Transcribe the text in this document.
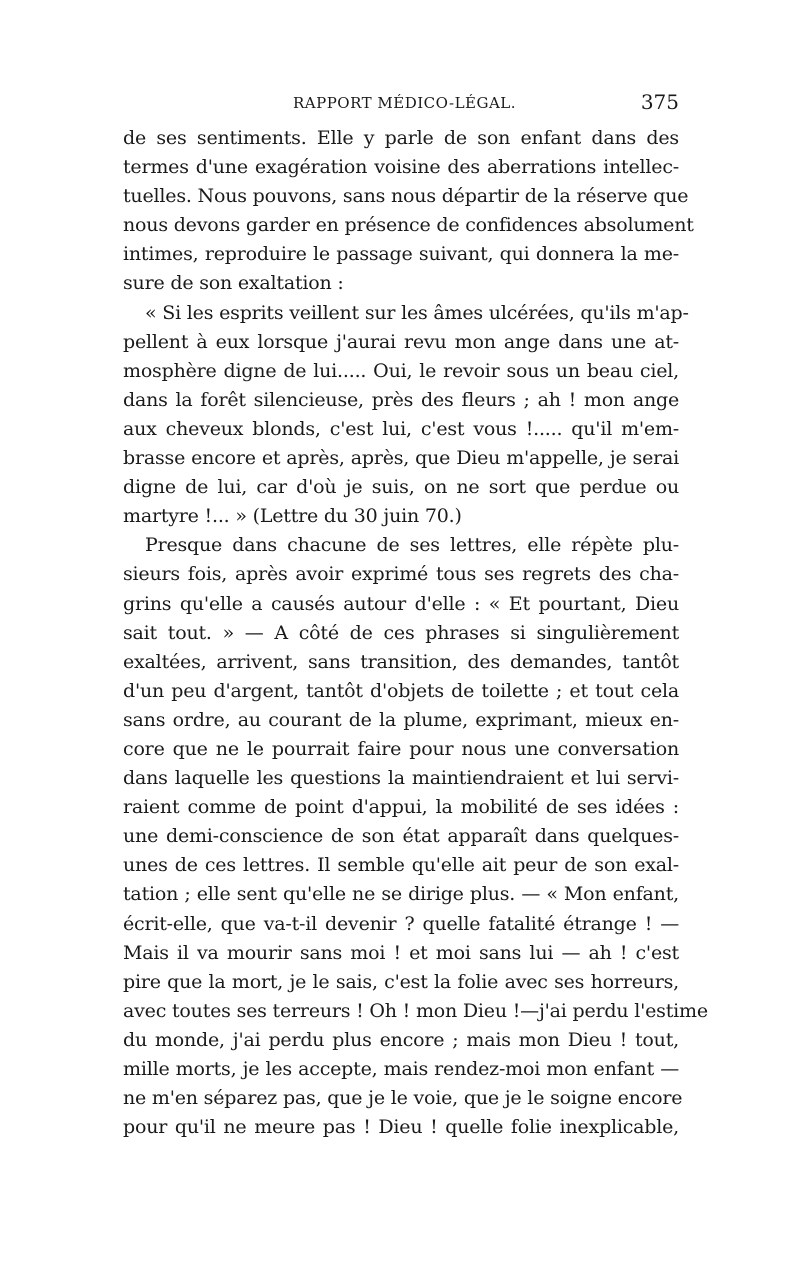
RAPPORT MÉDICO-LÉGAL.	375
de ses sentiments. Elle y parle de son enfant dans des
termes d'une exagération voisine des aberrations intellec-
tuelles. Nous pouvons, sans nous départir de la réserve que
nous devons garder en présence de confidences absolument
intimes, reproduire le passage suivant, qui donnera la me-
sure de son exaltation :
« Si les esprits veillent sur les âmes ulcérées, qu'ils m'ap-
pellent à eux lorsque j'aurai revu mon ange dans une at-
mosphère digne de lui..... Oui, le revoir sous un beau ciel,
dans la forêt silencieuse, près des fleurs ; ah ! mon ange
aux cheveux blonds, c'est lui, c'est vous !..... qu'il m'em-
brasse encore et après, après, que Dieu m'appelle, je serai
digne de lui, car d'où je suis, on ne sort que perdue ou
martyre !... » (Lettre du 30 juin 70.)
Presque dans chacune de ses lettres, elle répète plu-
sieurs fois, après avoir exprimé tous ses regrets des cha-
grins qu'elle a causés autour d'elle : « Et pourtant, Dieu
sait tout. » — A côté de ces phrases si singulièrement
exaltées, arrivent, sans transition, des demandes, tantôt
d'un peu d'argent, tantôt d'objets de toilette ; et tout cela
sans ordre, au courant de la plume, exprimant, mieux en-
core que ne le pourrait faire pour nous une conversation
dans laquelle les questions la maintiendraient et lui servi-
raient comme de point d'appui, la mobilité de ses idées :
une demi-conscience de son état apparaît dans quelques-
unes de ces lettres. Il semble qu'elle ait peur de son exal-
tation ; elle sent qu'elle ne se dirige plus. — « Mon enfant,
écrit-elle, que va-t-il devenir ? quelle fatalité étrange ! —
Mais il va mourir sans moi ! et moi sans lui — ah ! c'est
pire que la mort, je le sais, c'est la folie avec ses horreurs,
avec toutes ses terreurs ! Oh ! mon Dieu !—j'ai perdu l'estime
du monde, j'ai perdu plus encore ; mais mon Dieu ! tout,
mille morts, je les accepte, mais rendez-moi mon enfant —
ne m'en séparez pas, que je le voie, que je le soigne encore
pour qu'il ne meure pas ! Dieu ! quelle folie inexplicable,
